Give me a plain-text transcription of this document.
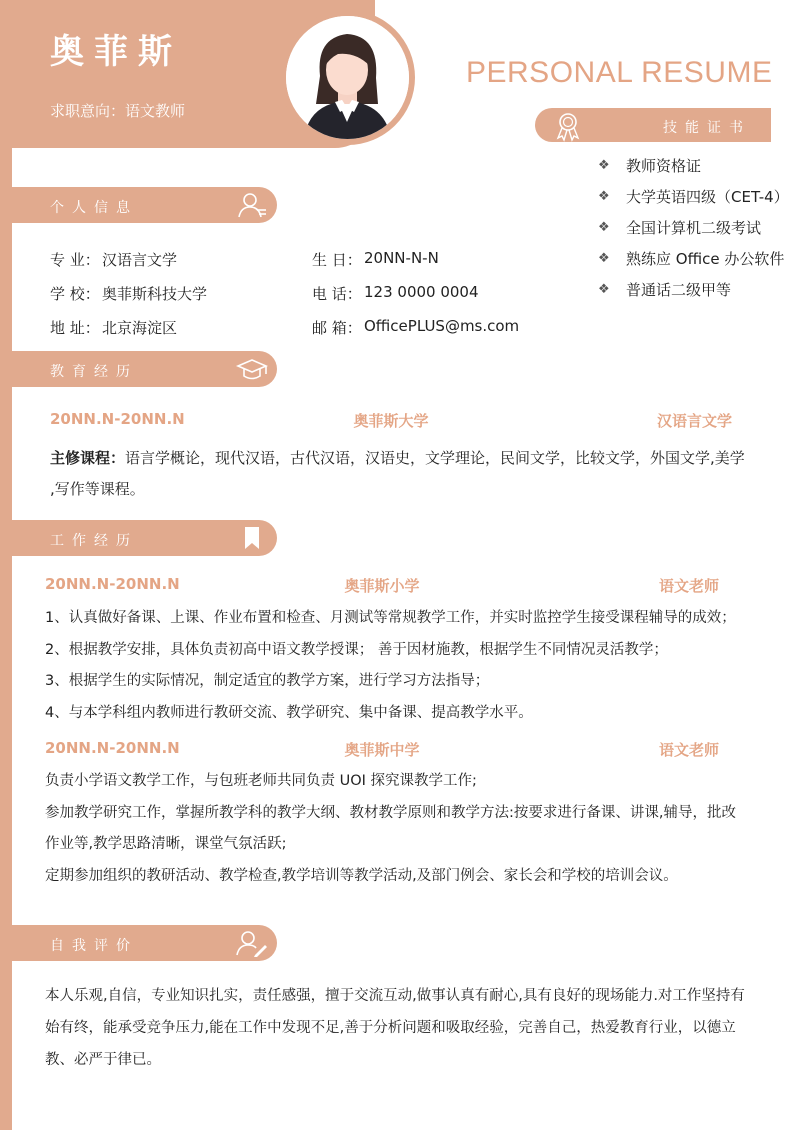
奥菲斯
求职意向：语文教师
PERSONAL RESUME
技能证书
❖	教师资格证
❖	大学英语四级（CET-4）
❖	全国计算机二级考试
❖	熟练应 Office 办公软件
❖	普通话二级甲等
个人信息
专 业： 汉语言文学	生 日： 20NN-N-N
学 校： 奥菲斯科技大学	电 话： 123 0000 0004
地 址： 北京海淀区	邮 箱： OfficePLUS@ms.com
教育经历
20NN.N-20NN.N	奥菲斯大学	汉语言文学
主修课程：语言学概论，现代汉语，古代汉语，汉语史，文学理论，民间文学，比较文学，外国文学,美学 ,写作等课程。
工作经历
20NN.N-20NN.N	奥菲斯小学	语文老师
1、认真做好备课、上课、作业布置和检查、月测试等常规教学工作，并实时监控学生接受课程辅导的成效；
2、根据教学安排，具体负责初高中语文教学授课； 善于因材施教，根据学生不同情况灵活教学；
3、根据学生的实际情况，制定适宜的教学方案，进行学习方法指导；
4、与本学科组内教师进行教研交流、教学研究、集中备课、提高教学水平。
20NN.N-20NN.N	奥菲斯中学	语文老师
负责小学语文教学工作，与包班老师共同负责 UOI 探究课教学工作;
参加教学研究工作，掌握所教学科的教学大纲、教材教学原则和教学方法:按要求进行备课、讲课,辅导，批改作业等,教学思路清晰，课堂气氛活跃;
定期参加组织的教研活动、教学检查,教学培训等教学活动,及部门例会、家长会和学校的培训会议。
自我评价
本人乐观,自信，专业知识扎实，责任感强，擅于交流互动,做事认真有耐心,具有良好的现场能力.对工作坚持有始有终，能承受竞争压力,能在工作中发现不足,善于分析问题和吸取经验，完善自己，热爱教育行业，以德立教、必严于律已。
